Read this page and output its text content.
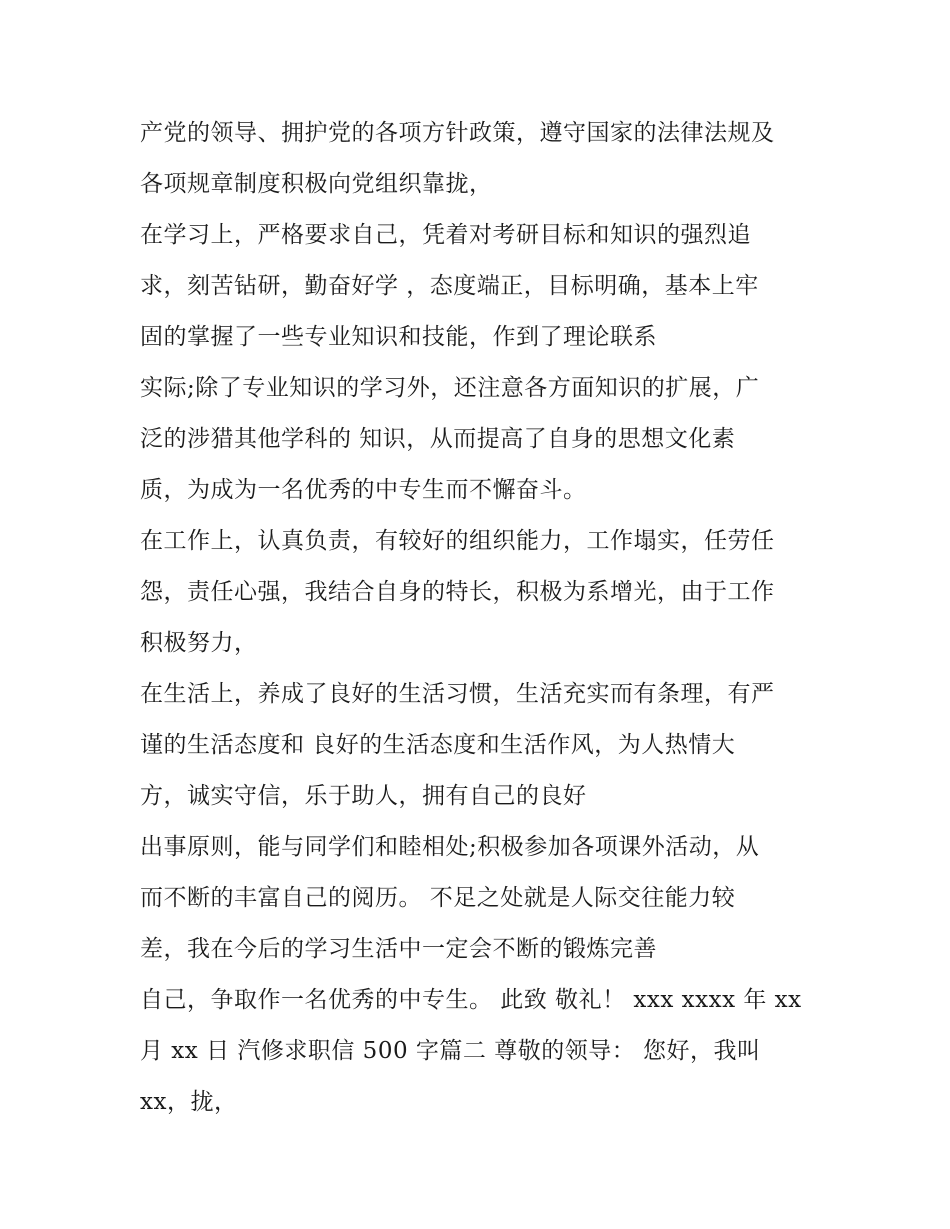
产党的领导、拥护党的各项方针政策，遵守国家的法律法规及
各项规章制度积极向党组织靠拢，
在学习上，严格要求自己，凭着对考研目标和知识的强烈追
求，刻苦钻研，勤奋好学 ，态度端正，目标明确，基本上牢
固的掌握了一些专业知识和技能，作到了理论联系
实际;除了专业知识的学习外，还注意各方面知识的扩展，广
泛的涉猎其他学科的 知识，从而提高了自身的思想文化素
质，为成为一名优秀的中专生而不懈奋斗。
在工作上，认真负责，有较好的组织能力，工作塌实，任劳任
怨，责任心强，我结合自身的特长，积极为系增光，由于工作
积极努力，
在生活上，养成了良好的生活习惯，生活充实而有条理，有严
谨的生活态度和 良好的生活态度和生活作风，为人热情大
方，诚实守信，乐于助人，拥有自己的良好
出事原则，能与同学们和睦相处;积极参加各项课外活动，从
而不断的丰富自己的阅历。 不足之处就是人际交往能力较
差，我在今后的学习生活中一定会不断的锻炼完善
自己，争取作一名优秀的中专生。 此致 敬礼！ xxx xxxx 年 xx
月 xx 日 汽修求职信 500 字篇二 尊敬的领导： 您好，我叫
xx，拢，
